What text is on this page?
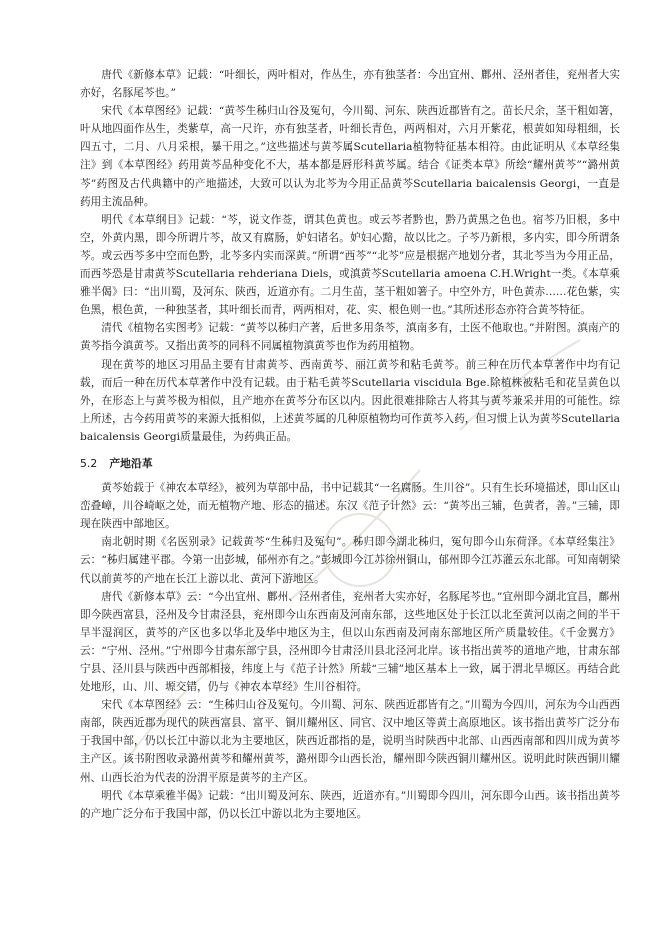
唐代《新修本草》记载：“叶细长，两叶相对，作丛生，亦有独茎者：今出宜州、鄜州、泾州者佳，兖州者大实亦好，名豚尾芩也。”

宋代《本草图经》记载：“黄芩生秭归山谷及冤句，今川蜀、河东、陕西近郡皆有之。苗长尺余，茎干粗如箸，叶从地四面作丛生，类紫草，高一尺许，亦有独茎者，叶细长青色，两两相对，六月开紫花，根黄如知母粗细，长四五寸，二月、八月采根，暴干用之。”这些描述与黄芩属Scutellaria植物特征基本相符。由此证明从《本草经集注》到《本草图经》药用黄芩品种变化不大，基本都是唇形科黄芩属。结合《证类本草》所绘“耀州黄芩”“潞州黄芩”药图及古代典籍中的产地描述，大致可以认为北芩为今用正品黄芩Scutellaria baicalensis Georgi，一直是药用主流品种。

明代《本草纲目》记载：“芩，说文作莶，谓其色黄也。或云芩者黔也，黔乃黄黑之色也。宿芩乃旧根，多中空，外黄内黑，即今所谓片芩，故又有腐肠，妒妇诸名。妒妇心黯，故以比之。子芩乃新根，多内实，即今所谓条芩。或云西芩多中空而色黔，北芩多内实而深黄。”所谓“西芩”“北芩”应是根据产地划分者，其北芩当为今用正品，而西芩恐是甘肃黄芩Scutellaria rehderiana Diels，或滇黄芩Scutellaria amoena C.H.Wright一类。《本草乘雅半偈》曰：“出川蜀，及河东、陕西，近道亦有。二月生苗，茎干粗如箸子。中空外方，叶色黄赤……花色紫，实色黑，根色黄，一种独茎者，其叶细长而青，两两相对，花、实、根色则一也。”其所述形态亦符合黄芩特征。

清代《植物名实图考》记载：“黄芩以秭归产著，后世多用条芩，滇南多有，土医不他取也。”并附图。滇南产的黄芩指今滇黄芩。又指出黄芩的同科不同属植物滇黄芩也作为药用植物。

现在黄芩的地区习用品主要有甘肃黄芩、西南黄芩、丽江黄芩和粘毛黄芩。前三种在历代本草著作中均有记载，而后一种在历代本草著作中没有记载。由于粘毛黄芩Scutellaria viscidula Bge.除植株被粘毛和花呈黄色以外，在形态上与黄芩极为相似，且产地亦在黄芩分布区以内。因此很难排除古人将其与黄芩兼采并用的可能性。综上所述，古今药用黄芩的来源大抵相似，上述黄芩属的几种原植物均可作黄芩入药，但习惯上认为黄芩Scutellaria baicalensis Georgi质量最佳，为药典正品。

5.2 产地沿革

黄芩始载于《神农本草经》，被列为草部中品，书中记载其“一名腐肠。生川谷”。只有生长环境描述，即山区山峦叠嶂，川谷崎岖之处，而无植物产地、形态的描述。东汉《范子计然》云：“黄芩出三辅，色黄者，善。”三辅，即现在陕西中部地区。

南北朝时期《名医别录》记载黄芩“生秭归及冤句”。秭归即今湖北秭归，冤句即今山东荷泽。《本草经集注》云：“秭归属建平郡。今第一出彭城，郁州亦有之。”彭城即今江苏徐州铜山，郁州即今江苏灌云东北部。可知南朝梁代以前黄芩的产地在长江上游以北、黄河下游地区。

唐代《新修本草》云：“今出宜州、鄜州、泾州者佳，兖州者大实亦好，名豚尾芩也。”宜州即今湖北宜昌，鄜州即今陕西富县，泾州及今甘肃泾县，兖州即今山东西南及河南东部，这些地区处于长江以北至黄河以南之间的半干旱半湿润区，黄芩的产区也多以华北及华中地区为主，但以山东西南及河南东部地区所产质量较佳。《千金翼方》云：“宁州、泾州。”宁州即今甘肃东部宁县，泾州即今甘肃泾川县北泾河北岸。该书指出黄芩的道地产地，甘肃东部宁县、泾川县与陕西中西部相接，纬度上与《范子计然》所载“三辅”地区基本上一致，属于渭北旱塬区。再结合此处地形，山、川、塬交错，仍与《神农本草经》生川谷相符。

宋代《本草图经》云：“生秭归山谷及冤句。今川蜀、河东、陕西近郡皆有之。”川蜀为今四川，河东为今山西西南部，陕西近郡为现代的陕西富县、富平、铜川耀州区、同官、汉中地区等黄土高原地区。该书指出黄芩广泛分布于我国中部，仍以长江中游以北为主要地区，陕西近郡指的是，说明当时陕西中北部、山西西南部和四川成为黄芩主产区。该书附图收录潞州黄芩和耀州黄芩，潞州即今山西长治，耀州即今陕西铜川耀州区。说明此时陕西铜川耀州、山西长治为代表的汾渭平原是黄芩的主产区。

明代《本草乘雅半偈》记载：“出川蜀及河东、陕西，近道亦有。”川蜀即今四川，河东即今山西。该书指出黄芩的产地广泛分布于我国中部，仍以长江中游以北为主要地区。
